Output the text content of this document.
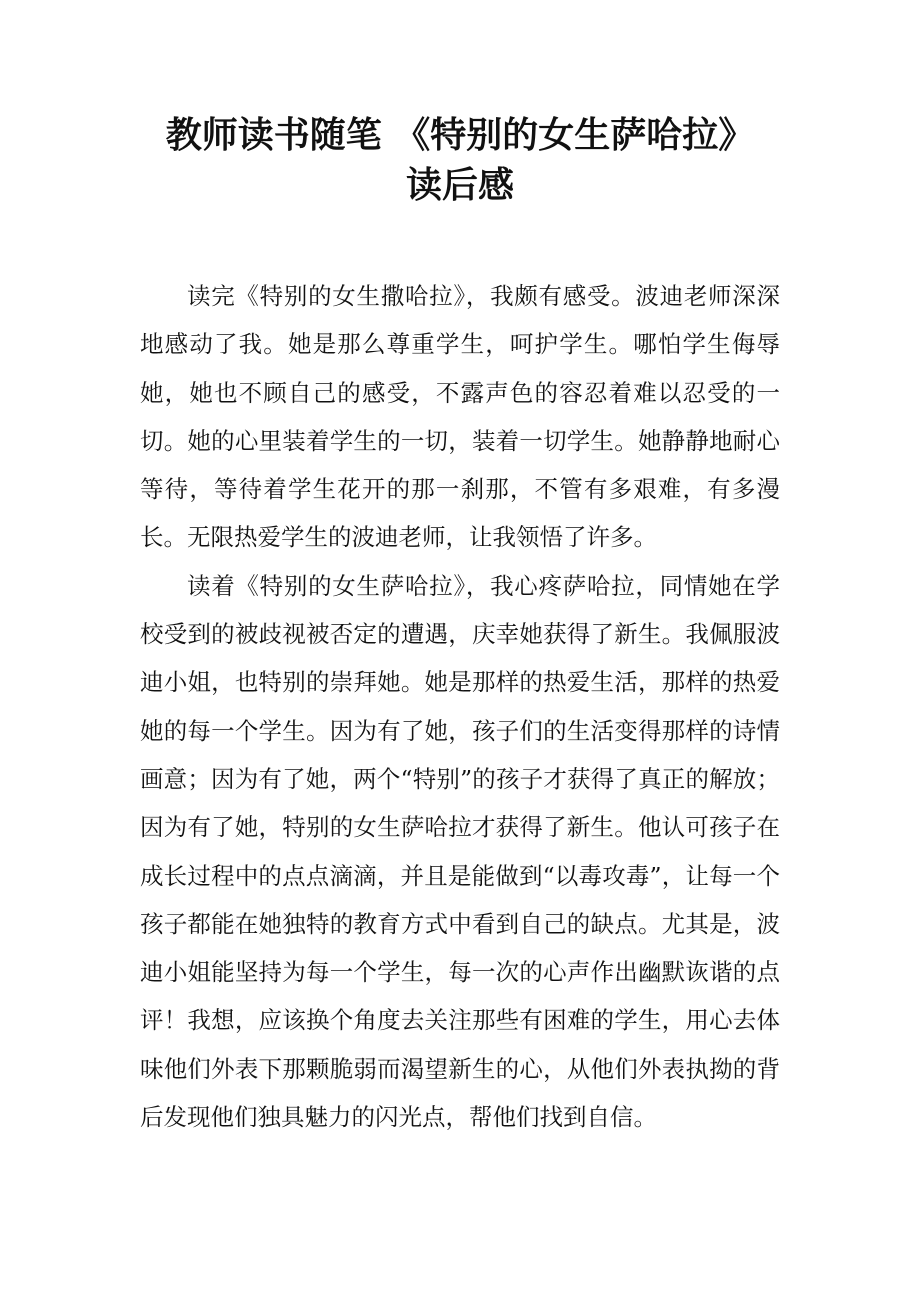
教师读书随笔 《特别的女生萨哈拉》
读后感

读完《特别的女生撒哈拉》，我颇有感受。波迪老师深深地感动了我。她是那么尊重学生，呵护学生。哪怕学生侮辱她，她也不顾自己的感受，不露声色的容忍着难以忍受的一切。她的心里装着学生的一切，装着一切学生。她静静地耐心等待，等待着学生花开的那一刹那，不管有多艰难，有多漫长。无限热爱学生的波迪老师，让我领悟了许多。

读着《特别的女生萨哈拉》，我心疼萨哈拉，同情她在学校受到的被歧视被否定的遭遇，庆幸她获得了新生。我佩服波迪小姐，也特别的崇拜她。她是那样的热爱生活，那样的热爱她的每一个学生。因为有了她，孩子们的生活变得那样的诗情画意；因为有了她，两个“特别”的孩子才获得了真正的解放；因为有了她，特别的女生萨哈拉才获得了新生。他认可孩子在成长过程中的点点滴滴，并且是能做到“以毒攻毒”，让每一个孩子都能在她独特的教育方式中看到自己的缺点。尤其是，波迪小姐能坚持为每一个学生，每一次的心声作出幽默诙谐的点评！我想，应该换个角度去关注那些有困难的学生，用心去体味他们外表下那颗脆弱而渴望新生的心，从他们外表执拗的背后发现他们独具魅力的闪光点，帮他们找到自信。
